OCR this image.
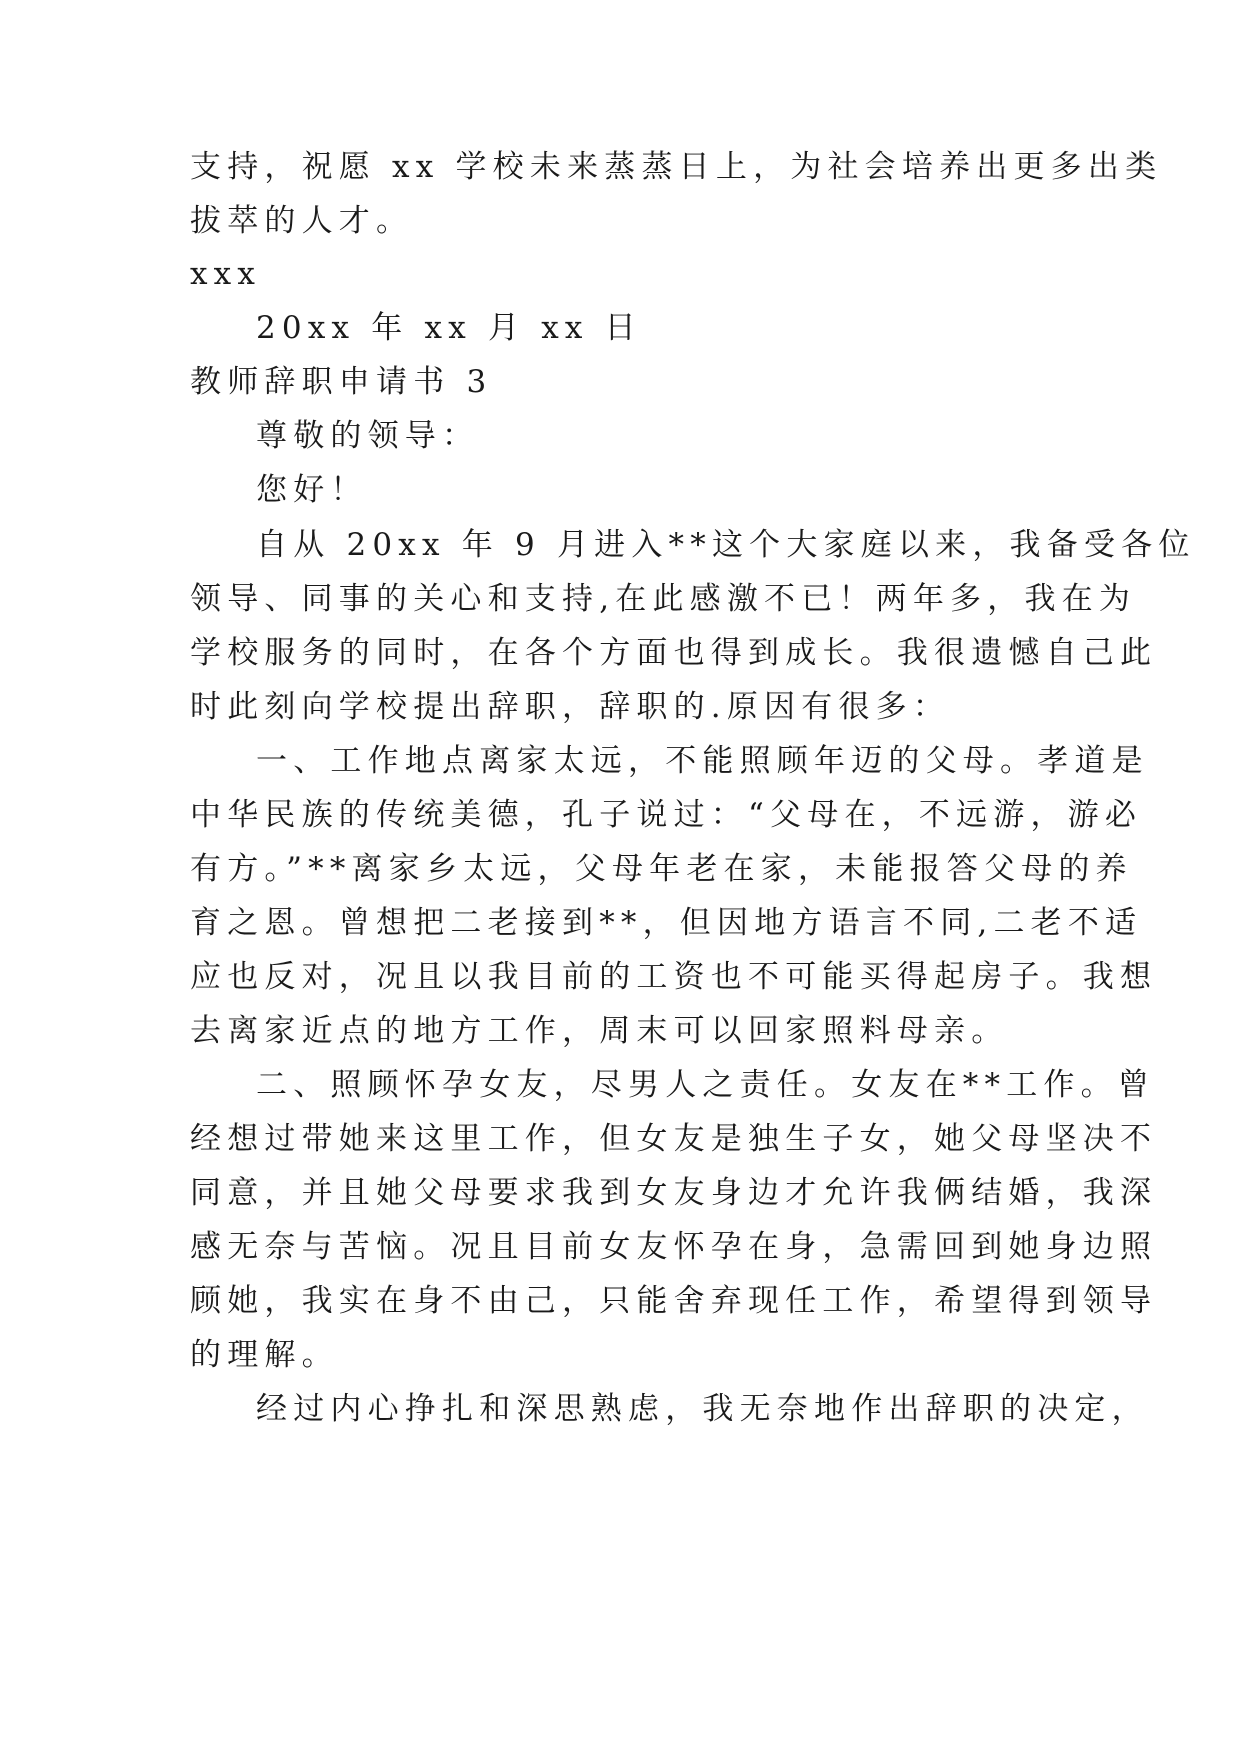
支持，祝愿 xx 学校未来蒸蒸日上，为社会培养出更多出类
拔萃的人才。
xxx
20xx 年 xx 月 xx 日
教师辞职申请书 3
尊敬的领导：
您好！
自从 20xx 年 9 月进入**这个大家庭以来，我备受各位
领导、同事的关心和支持,在此感激不已！两年多，我在为
学校服务的同时，在各个方面也得到成长。我很遗憾自己此
时此刻向学校提出辞职，辞职的.原因有很多：
一、工作地点离家太远，不能照顾年迈的父母。孝道是
中华民族的传统美德，孔子说过：“父母在，不远游，游必
有方。”**离家乡太远，父母年老在家，未能报答父母的养
育之恩。曾想把二老接到**，但因地方语言不同,二老不适
应也反对，况且以我目前的工资也不可能买得起房子。我想
去离家近点的地方工作，周末可以回家照料母亲。
二、照顾怀孕女友，尽男人之责任。女友在**工作。曾
经想过带她来这里工作，但女友是独生子女，她父母坚决不
同意，并且她父母要求我到女友身边才允许我俩结婚，我深
感无奈与苦恼。况且目前女友怀孕在身，急需回到她身边照
顾她，我实在身不由己，只能舍弃现任工作，希望得到领导
的理解。
经过内心挣扎和深思熟虑，我无奈地作出辞职的决定，
